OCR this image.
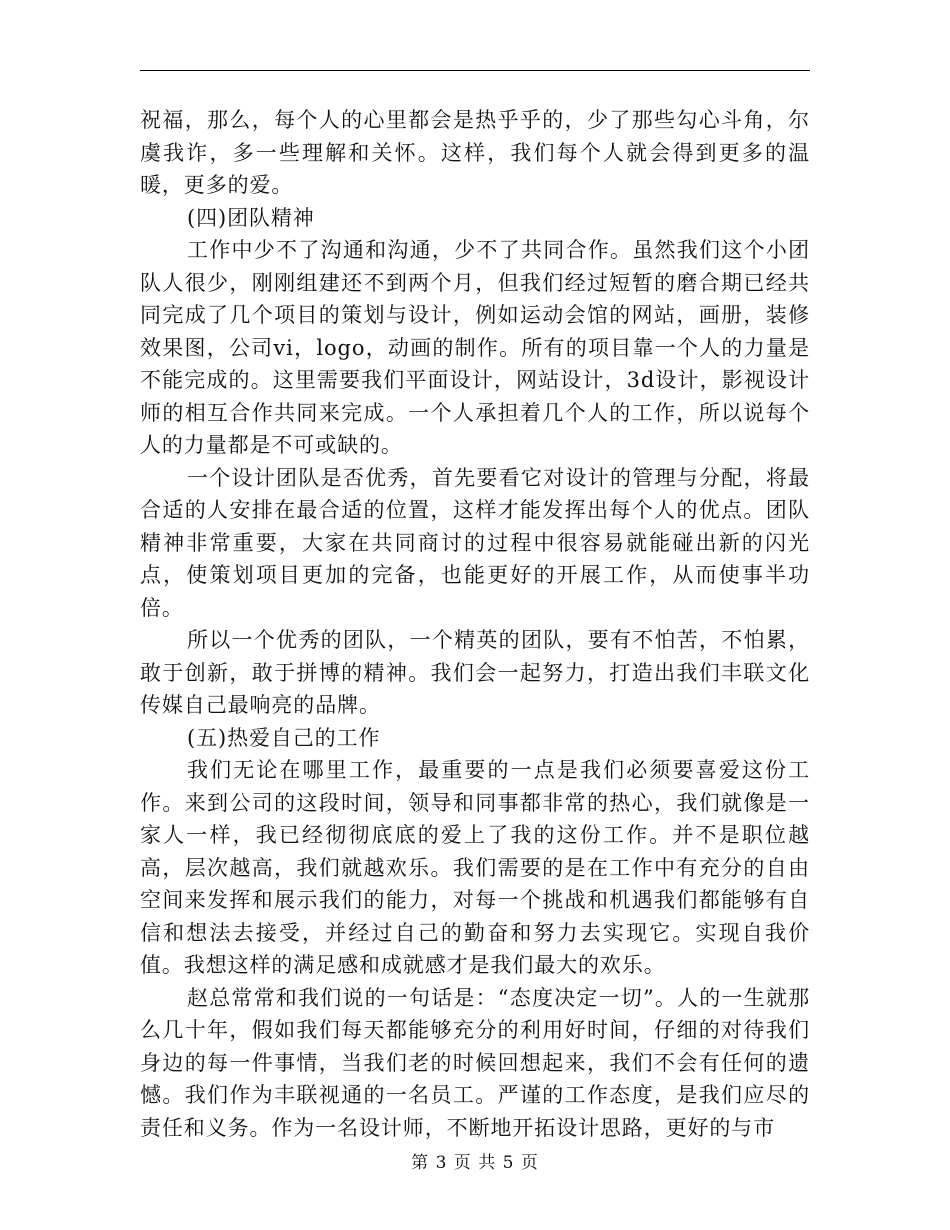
祝福，那么，每个人的心里都会是热乎乎的，少了那些勾心斗角，尔虞我诈，多一些理解和关怀。这样，我们每个人就会得到更多的温暖，更多的爱。

(四)团队精神

工作中少不了沟通和沟通，少不了共同合作。虽然我们这个小团队人很少，刚刚组建还不到两个月，但我们经过短暂的磨合期已经共同完成了几个项目的策划与设计，例如运动会馆的网站，画册，装修效果图，公司vi，logo，动画的制作。所有的项目靠一个人的力量是不能完成的。这里需要我们平面设计，网站设计，3d设计，影视设计师的相互合作共同来完成。一个人承担着几个人的工作，所以说每个人的力量都是不可或缺的。

一个设计团队是否优秀，首先要看它对设计的管理与分配，将最合适的人安排在最合适的位置，这样才能发挥出每个人的优点。团队精神非常重要，大家在共同商讨的过程中很容易就能碰出新的闪光点，使策划项目更加的完备，也能更好的开展工作，从而使事半功倍。

所以一个优秀的团队，一个精英的团队，要有不怕苦，不怕累，敢于创新，敢于拼博的精神。我们会一起努力，打造出我们丰联文化传媒自己最响亮的品牌。

(五)热爱自己的工作

我们无论在哪里工作，最重要的一点是我们必须要喜爱这份工作。来到公司的这段时间，领导和同事都非常的热心，我们就像是一家人一样，我已经彻彻底底的爱上了我的这份工作。并不是职位越高，层次越高，我们就越欢乐。我们需要的是在工作中有充分的自由空间来发挥和展示我们的能力，对每一个挑战和机遇我们都能够有自信和想法去接受，并经过自己的勤奋和努力去实现它。实现自我价值。我想这样的满足感和成就感才是我们最大的欢乐。

赵总常常和我们说的一句话是：“态度决定一切”。人的一生就那么几十年，假如我们每天都能够充分的利用好时间，仔细的对待我们身边的每一件事情，当我们老的时候回想起来，我们不会有任何的遗憾。我们作为丰联视通的一名员工。严谨的工作态度，是我们应尽的责任和义务。作为一名设计师，不断地开拓设计思路，更好的与市

第 3 页 共 5 页
